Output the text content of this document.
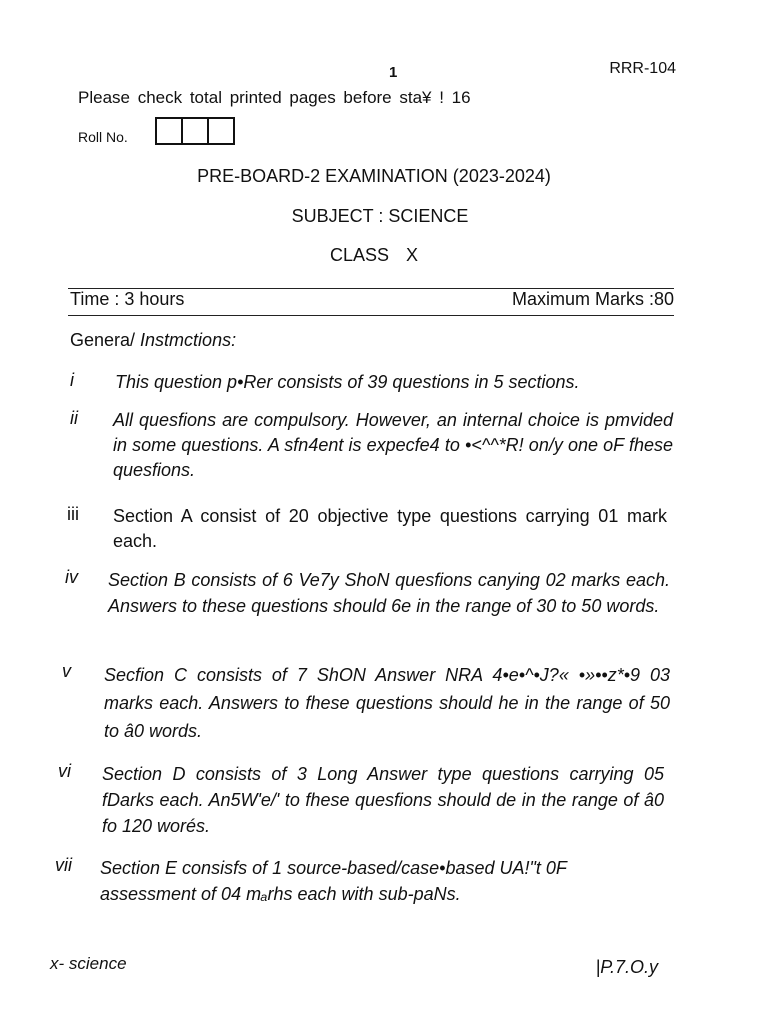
1	RRR-104
Please check total printed pages before sta¥ ! 16
Roll No.
PRE-BOARD-2 EXAMINATION (2023-2024)
SUBJECT : SCIENCE
CLASS X
Time : 3 hours	Maximum Marks :80
Genera/ Instmctions:
i This question p•Rer consists of 39 questions in 5 sections.
ii All quesfions are compulsory. However, an internal choice is pmvided in some questions. A sfn4ent is expecfe4 to •<^^*R! on/y one oF fhese quesfions.
iii Section A consist of 20 objective type questions carrying 01 mark each.
iv Section B consists of 6 Ve7y ShoN quesfions canying 02 marks each. Answers to these questions should 6e in the range of 30 to 50 words.
v Secfion C consists of 7 ShON Answer NRA 4•e•^•J?« •»••z*•9 03 marks each. Answers to fhese questions should he in the range of 50 to â0 words.
vi Section D consists of 3 Long Answer type questions carrying 05 fDarks each. An5W'e/' to fhese quesfions should de in the range of â0 fo 120 worés.
vii Section E consisfs of 1 source-based/case•based UA!"t 0F assessment of 04 mₐrhs each with sub-paNs.
x- science	|P.7.O.y
